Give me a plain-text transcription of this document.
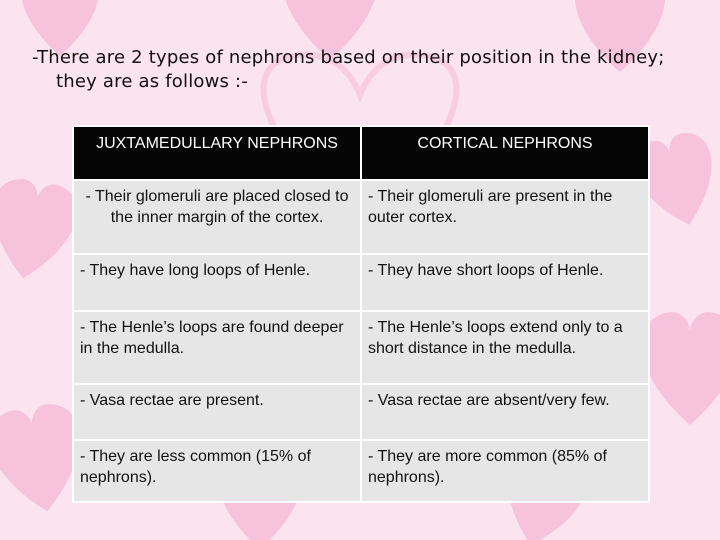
-There are 2 types of nephrons based on their position in the kidney;

they are as follows :-
JUXTAMEDULLARY NEPHRONS	CORTICAL NEPHRONS
- Their glomeruli are placed closed to the inner margin of the cortex.	- Their glomeruli are present in the outer cortex.
- They have long loops of Henle.	- They have short loops of Henle.
- The Henle’s loops are found deeper in the medulla.	- The Henle’s loops extend only to a short distance in the medulla.
- Vasa rectae are present.	- Vasa rectae are absent/very few.
- They are less common (15% of nephrons).	- They are more common (85% of nephrons).
